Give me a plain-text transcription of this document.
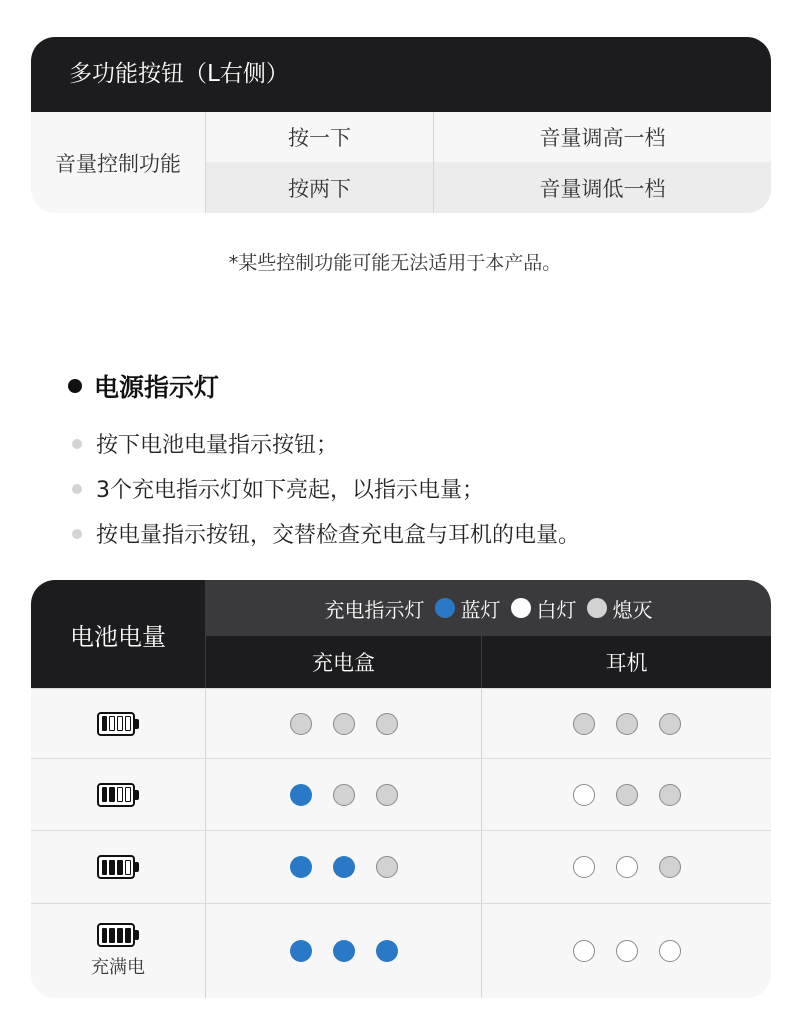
多功能按钮（L右侧）
音量控制功能
按一下	音量调高一档
按两下	音量调低一档
*某些控制功能可能无法适用于本产品。
电源指示灯
按下电池电量指示按钮；
3个充电指示灯如下亮起，以指示电量；
按电量指示按钮，交替检查充电盒与耳机的电量。
电池电量
充电指示灯 蓝灯 白灯 熄灭
充电盒	耳机
充满电
